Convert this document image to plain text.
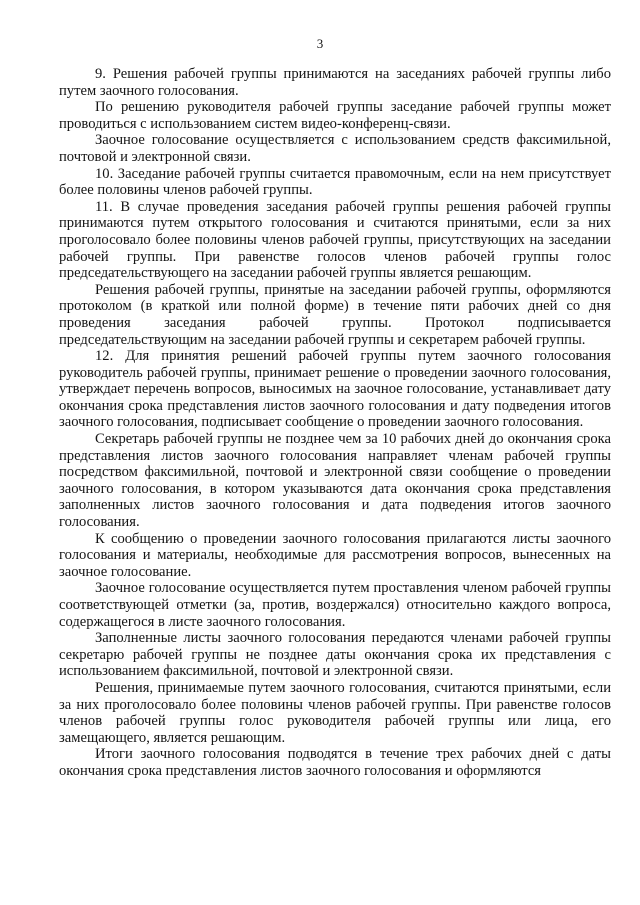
3

9. Решения рабочей группы принимаются на заседаниях рабочей группы либо путем заочного голосования.

По решению руководителя рабочей группы заседание рабочей группы может проводиться с использованием систем видео-конференц-связи.

Заочное голосование осуществляется с использованием средств факсимильной, почтовой и электронной связи.

10. Заседание рабочей группы считается правомочным, если на нем присутствует более половины членов рабочей группы.

11. В случае проведения заседания рабочей группы решения рабочей группы принимаются путем открытого голосования и считаются принятыми, если за них проголосовало более половины членов рабочей группы, присутствующих на заседании рабочей группы. При равенстве голосов членов рабочей группы голос председательствующего на заседании рабочей группы является решающим.

Решения рабочей группы, принятые на заседании рабочей группы, оформляются протоколом (в краткой или полной форме) в течение пяти рабочих дней со дня проведения заседания рабочей группы. Протокол подписывается председательствующим на заседании рабочей группы и секретарем рабочей группы.

12. Для принятия решений рабочей группы путем заочного голосования руководитель рабочей группы, принимает решение о проведении заочного голосования, утверждает перечень вопросов, выносимых на заочное голосование, устанавливает дату окончания срока представления листов заочного голосования и дату подведения итогов заочного голосования, подписывает сообщение о проведении заочного голосования.

Секретарь рабочей группы не позднее чем за 10 рабочих дней до окончания срока представления листов заочного голосования направляет членам рабочей группы посредством факсимильной, почтовой и электронной связи сообщение о проведении заочного голосования, в котором указываются дата окончания срока представления заполненных листов заочного голосования и дата подведения итогов заочного голосования.

К сообщению о проведении заочного голосования прилагаются листы заочного голосования и материалы, необходимые для рассмотрения вопросов, вынесенных на заочное голосование.

Заочное голосование осуществляется путем проставления членом рабочей группы соответствующей отметки (за, против, воздержался) относительно каждого вопроса, содержащегося в листе заочного голосования.

Заполненные листы заочного голосования передаются членами рабочей группы секретарю рабочей группы не позднее даты окончания срока их представления с использованием факсимильной, почтовой и электронной связи.

Решения, принимаемые путем заочного голосования, считаются принятыми, если за них проголосовало более половины членов рабочей группы. При равенстве голосов членов рабочей группы голос руководителя рабочей группы или лица, его замещающего, является решающим.

Итоги заочного голосования подводятся в течение трех рабочих дней с даты окончания срока представления листов заочного голосования и оформляются
